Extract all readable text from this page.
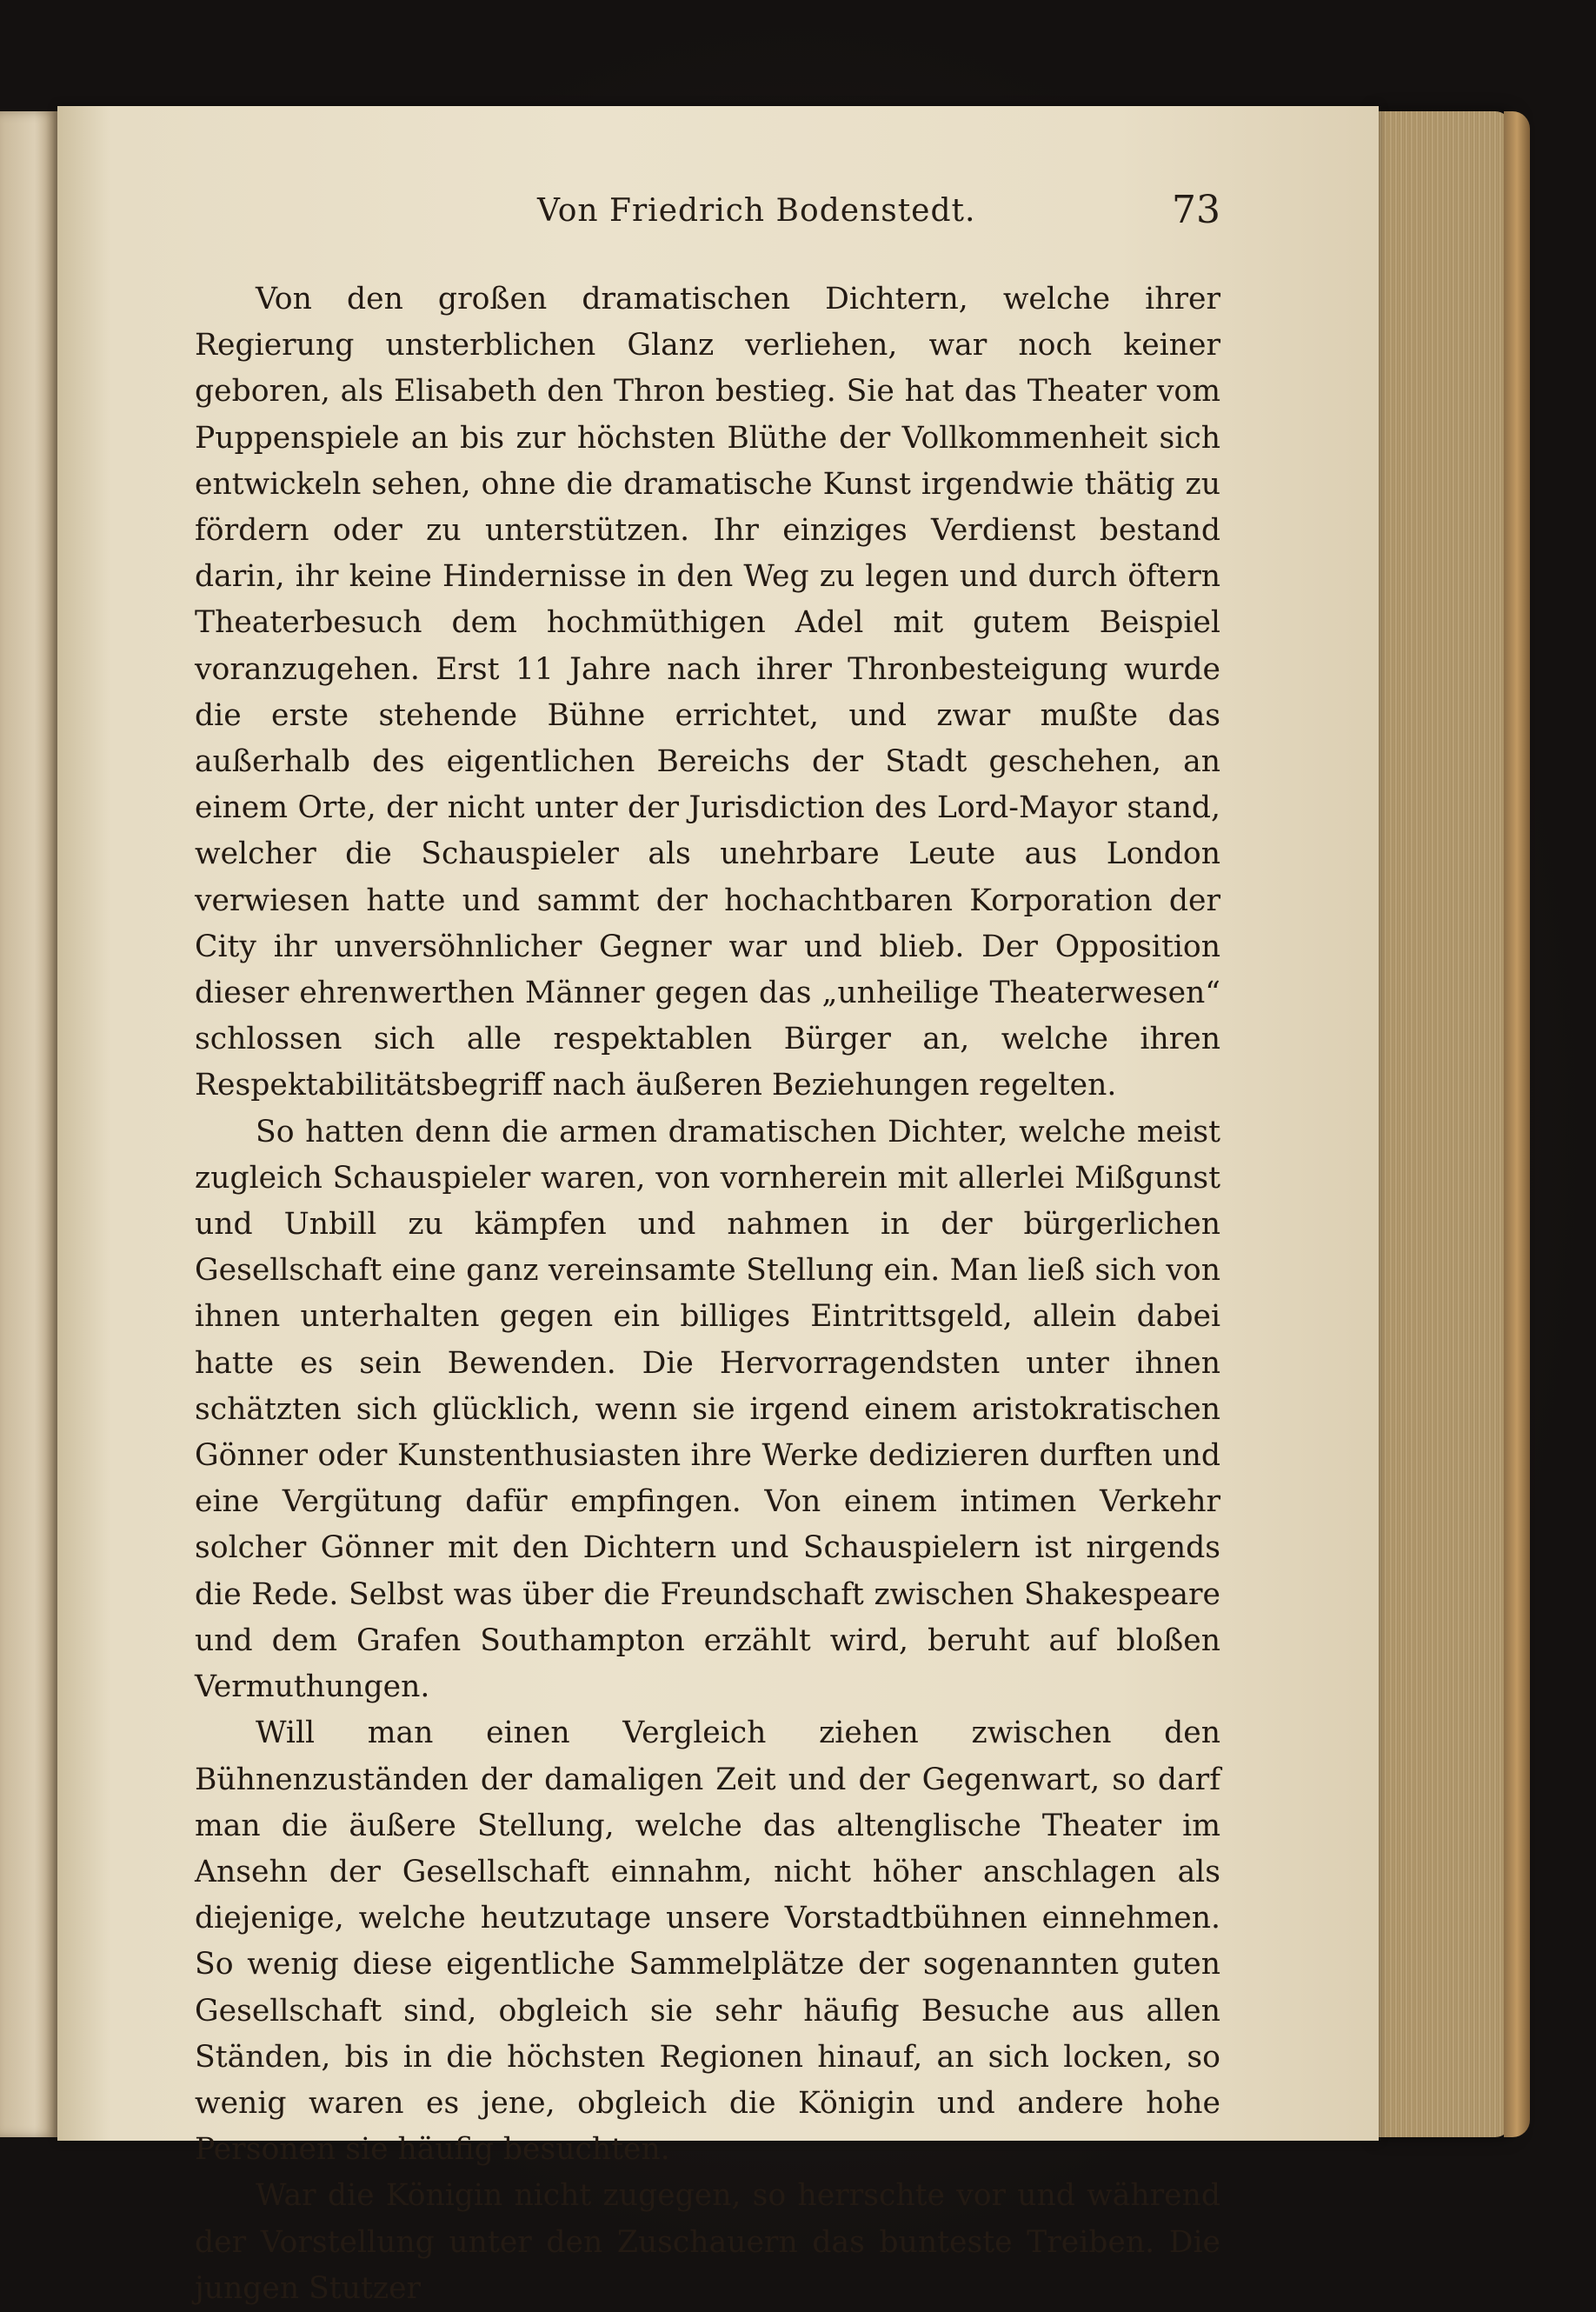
Von Friedrich Bodenstedt.	73

Von den großen dramatischen Dichtern, welche ihrer Regierung unsterblichen Glanz verliehen, war noch keiner geboren, als Elisabeth den Thron bestieg. Sie hat das Theater vom Puppenspiele an bis zur höchsten Blüthe der Vollkommenheit sich entwickeln sehen, ohne die dramatische Kunst irgendwie thätig zu fördern oder zu unterstützen. Ihr einziges Verdienst bestand darin, ihr keine Hindernisse in den Weg zu legen und durch öftern Theaterbesuch dem hochmüthigen Adel mit gutem Beispiel voranzugehen. Erst 11 Jahre nach ihrer Thronbesteigung wurde die erste stehende Bühne errichtet, und zwar mußte das außerhalb des eigentlichen Bereichs der Stadt geschehen, an einem Orte, der nicht unter der Jurisdiction des Lord-Mayor stand, welcher die Schauspieler als unehrbare Leute aus London verwiesen hatte und sammt der hochachtbaren Korporation der City ihr unversöhnlicher Gegner war und blieb. Der Opposition dieser ehrenwerthen Männer gegen das „unheilige Theaterwesen“ schlossen sich alle respektablen Bürger an, welche ihren Respektabilitätsbegriff nach äußeren Beziehungen regelten.

So hatten denn die armen dramatischen Dichter, welche meist zugleich Schauspieler waren, von vornherein mit allerlei Mißgunst und Unbill zu kämpfen und nahmen in der bürgerlichen Gesellschaft eine ganz vereinsamte Stellung ein. Man ließ sich von ihnen unterhalten gegen ein billiges Eintrittsgeld, allein dabei hatte es sein Bewenden. Die Hervorragendsten unter ihnen schätzten sich glücklich, wenn sie irgend einem aristokratischen Gönner oder Kunstenthusiasten ihre Werke dedizieren durften und eine Vergütung dafür empfingen. Von einem intimen Verkehr solcher Gönner mit den Dichtern und Schauspielern ist nirgends die Rede. Selbst was über die Freundschaft zwischen Shakespeare und dem Grafen Southampton erzählt wird, beruht auf bloßen Vermuthungen.

Will man einen Vergleich ziehen zwischen den Bühnenzuständen der damaligen Zeit und der Gegenwart, so darf man die äußere Stellung, welche das altenglische Theater im Ansehn der Gesellschaft einnahm, nicht höher anschlagen als diejenige, welche heutzutage unsere Vorstadtbühnen einnehmen. So wenig diese eigentliche Sammelplätze der sogenannten guten Gesellschaft sind, obgleich sie sehr häufig Besuche aus allen Ständen, bis in die höchsten Regionen hinauf, an sich locken, so wenig waren es jene, obgleich die Königin und andere hohe Personen sie häufig besuchten.

War die Königin nicht zugegen, so herrschte vor und während der Vorstellung unter den Zuschauern das bunteste Treiben. Die jungen Stutzer
